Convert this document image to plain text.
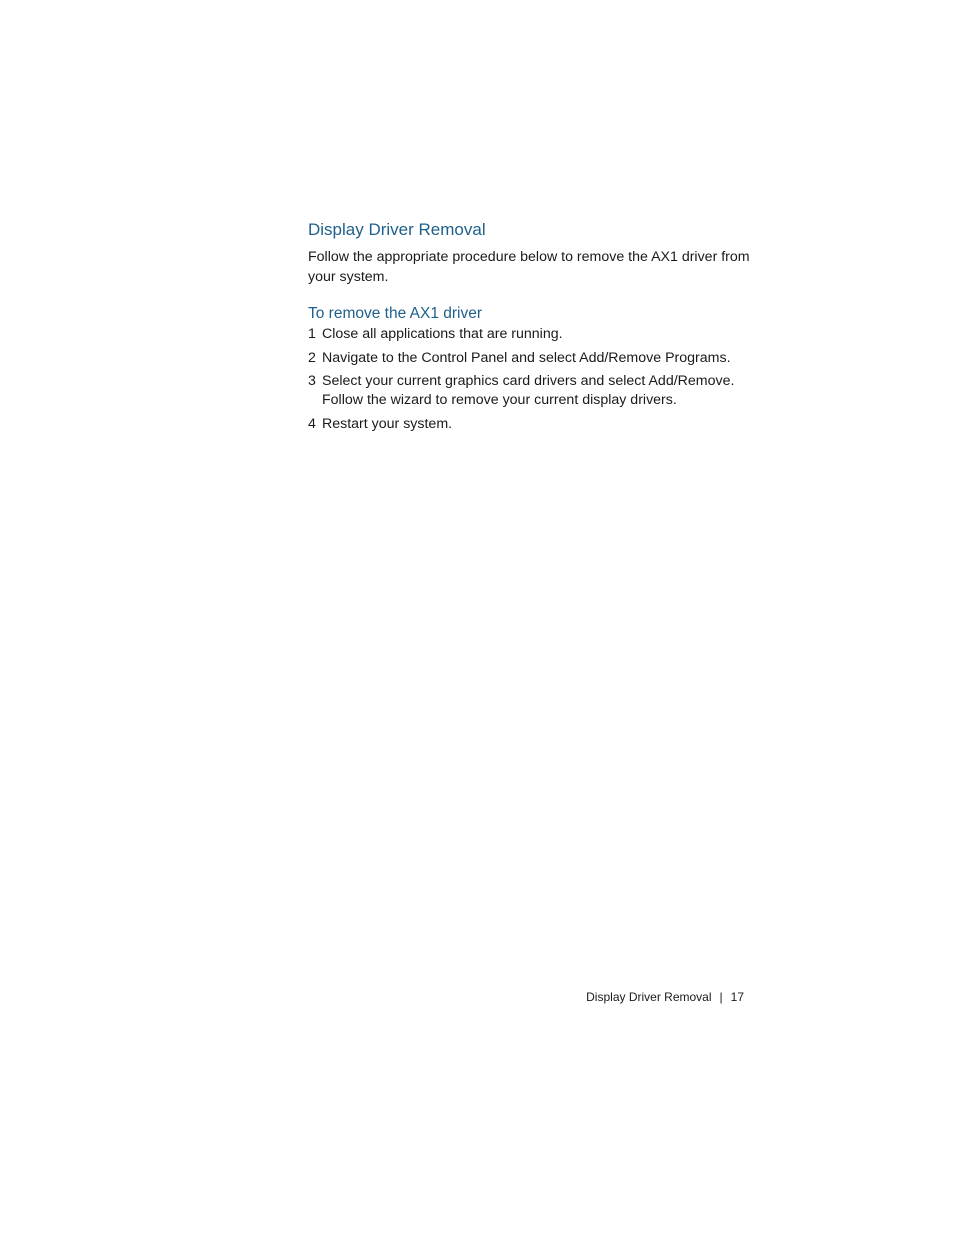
Display Driver Removal

Follow the appropriate procedure below to remove the AX1 driver from your system.

To remove the AX1 driver
1 Close all applications that are running.
2 Navigate to the Control Panel and select Add/Remove Programs.
3 Select your current graphics card drivers and select Add/Remove.
Follow the wizard to remove your current display drivers.
4 Restart your system.
Display Driver Removal | 17
